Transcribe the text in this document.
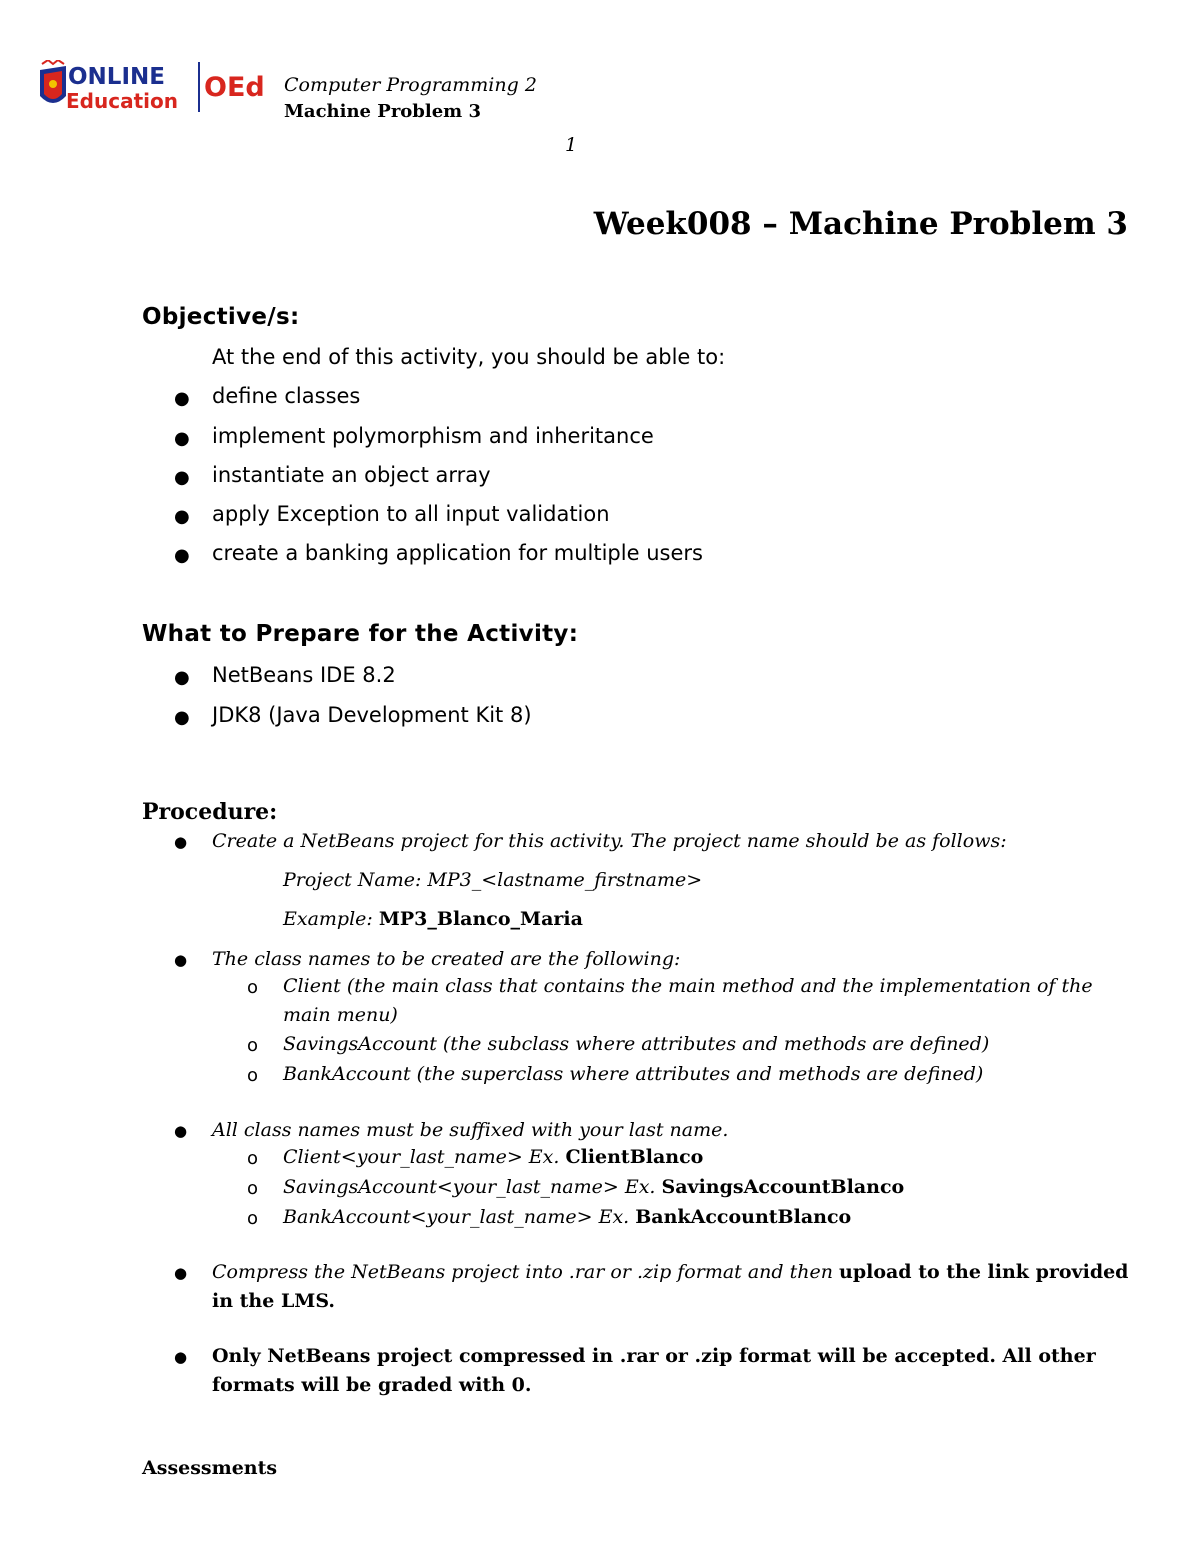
ONLINE
Education OEd Computer Programming 2
Machine Problem 3
1
Week008 – Machine Problem 3
Objective/s:
At the end of this activity, you should be able to:
● define classes
● implement polymorphism and inheritance
● instantiate an object array
● apply Exception to all input validation
● create a banking application for multiple users
What to Prepare for the Activity:
● NetBeans IDE 8.2
● JDK8 (Java Development Kit 8)
Procedure:
● Create a NetBeans project for this activity. The project name should be as follows:
Project Name: MP3_<lastname_firstname>
Example: MP3_Blanco_Maria
● The class names to be created are the following:
o Client (the main class that contains the main method and the implementation of the
main menu)
o SavingsAccount (the subclass where attributes and methods are defined)
o BankAccount (the superclass where attributes and methods are defined)
● All class names must be suffixed with your last name.
o Client<your_last_name> Ex. ClientBlanco
o SavingsAccount<your_last_name> Ex. SavingsAccountBlanco
o BankAccount<your_last_name> Ex. BankAccountBlanco
● Compress the NetBeans project into .rar or .zip format and then upload to the link provided
in the LMS.
● Only NetBeans project compressed in .rar or .zip format will be accepted. All other
formats will be graded with 0.
Assessments
